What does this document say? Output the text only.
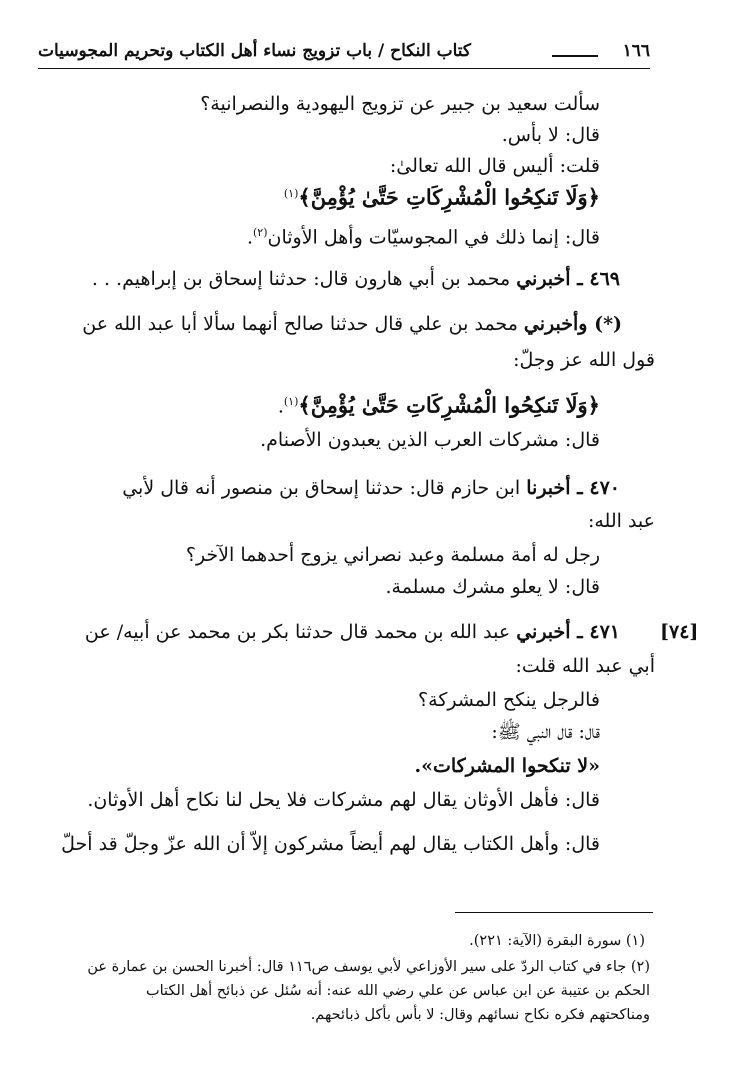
١٦٦
كتاب النكاح / باب تزويج نساء أهل الكتاب وتحريم المجوسيات
سألت سعيد بن جبير عن تزويج اليهودية والنصرانية؟
قال: لا بأس.
قلت: أليس قال الله تعالىٰ:
﴿وَلَا تَنكِحُوا الْمُشْرِكَاتِ حَتَّىٰ يُؤْمِنَّ﴾$^{(١)}$
قال: إنما ذلك في المجوسيّات وأهل الأوثان$^{(٢)}$.
٤٦٩ ـ أخبرني محمد بن أبي هارون قال: حدثنا إسحاق بن إبراهيم. . .
(*) وأخبرني محمد بن علي قال حدثنا صالح أنهما سألا أبا عبد الله عن
قول الله عز وجلّ:
﴿وَلَا تَنكِحُوا الْمُشْرِكَاتِ حَتَّىٰ يُؤْمِنَّ﴾$^{(١)}$.
قال: مشركات العرب الذين يعبدون الأصنام.
٤٧٠ ـ أخبرنا ابن حازم قال: حدثنا إسحاق بن منصور أنه قال لأبي
عبد الله:
رجل له أمة مسلمة وعبد نصراني يزوج أحدهما الآخر؟
قال: لا يعلو مشرك مسلمة.
[٧٤]
٤٧١ ـ أخبرني عبد الله بن محمد قال حدثنا بكر بن محمد عن أبيه/ عن
أبي عبد الله قلت:
فالرجل ينكح المشركة؟
قال: قال النبي ﷺ:
«لا تنكحوا المشركات».
قال: فأهل الأوثان يقال لهم مشركات فلا يحل لنا نكاح أهل الأوثان.
قال: وأهل الكتاب يقال لهم أيضاً مشركون إلاّ أن الله عزّ وجلّ قد أحلّ
(١) سورة البقرة (الآية: ٢٢١).
(٢) جاء في كتاب الردّ على سير الأوزاعي لأبي يوسف ص١١٦ قال: أخبرنا الحسن بن عمارة عن
الحكم بن عتيبة عن ابن عباس عن علي رضي الله عنه: أنه سُئل عن ذبائح أهل الكتاب
ومناكحتهم فكره نكاح نسائهم وقال: لا بأس بأكل ذبائحهم.
